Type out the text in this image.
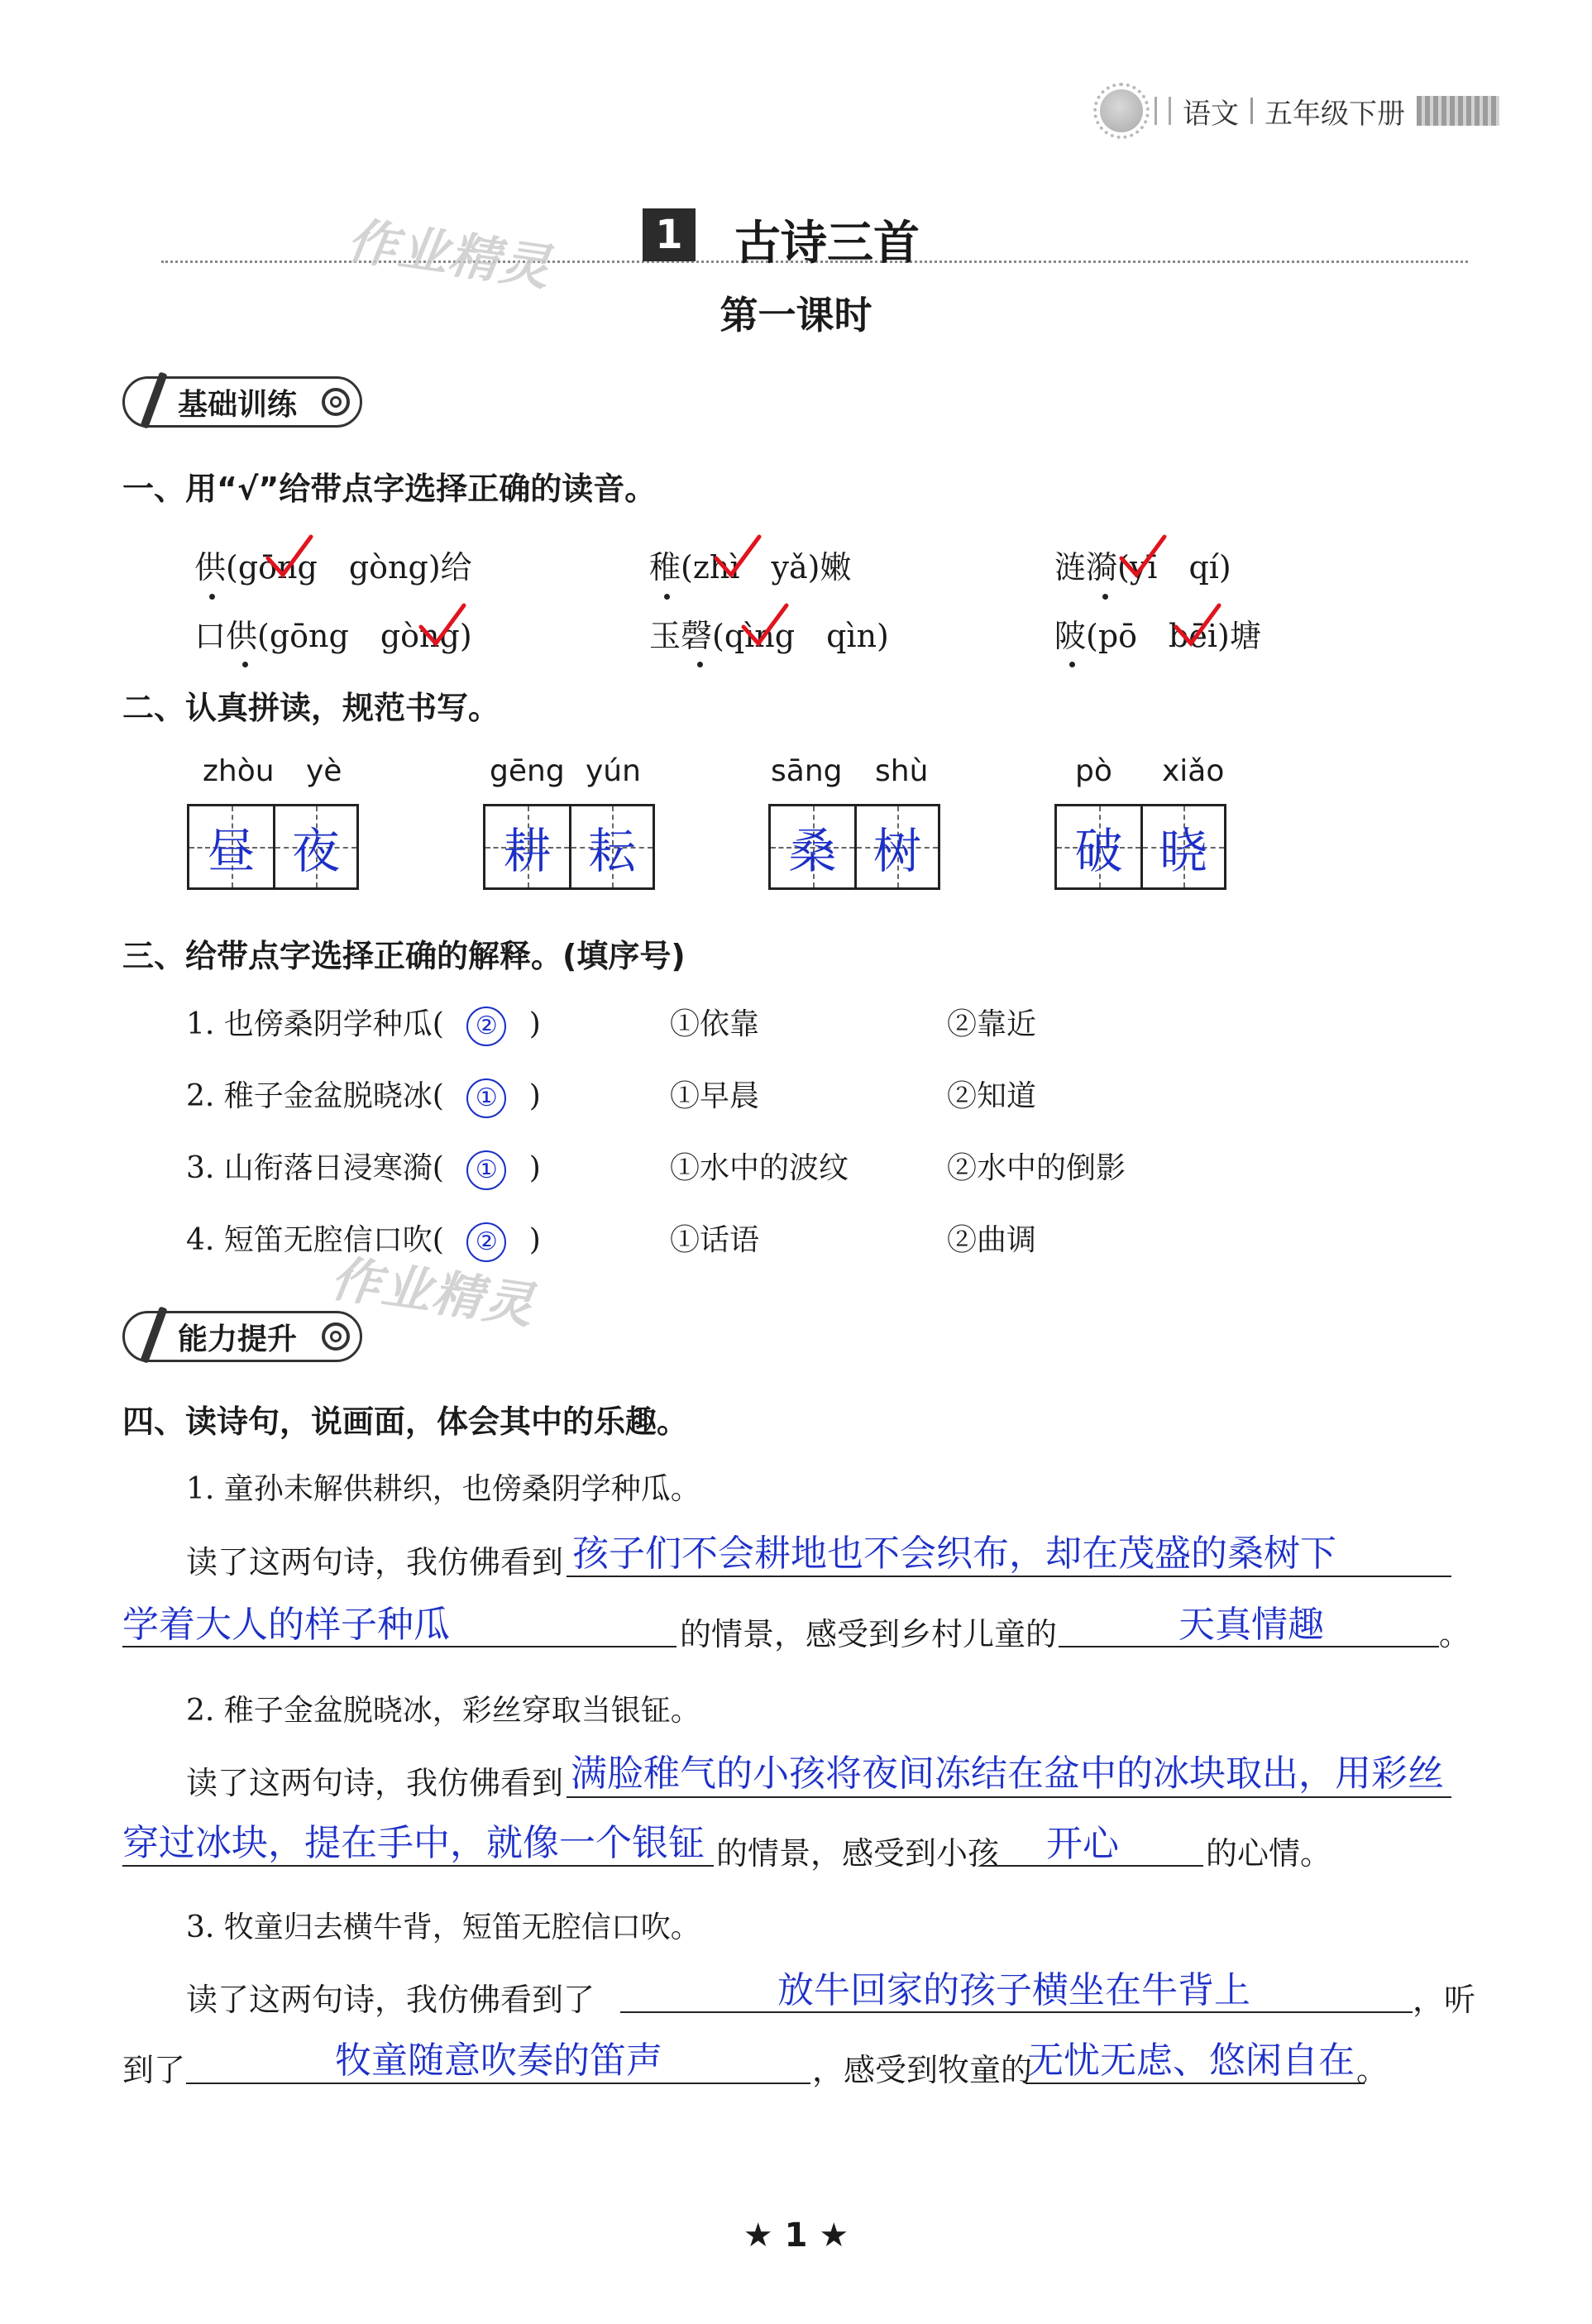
语文 五年级下册
作业精灵	1 古诗三首
第一课时
基础训练
一、用“√”给带点字选择正确的读音。
供(gōng　gòng)给	稚(zhì　yǎ)嫩	涟漪(yī　qí)
口供(gōng　gòng)	玉磬(qìng　qìn)	陂(pō　bēi)塘
二、认真拼读，规范书写。
zhòu yè
昼 夜
gēng yún
耕 耘
sāng shù
桑 树
pò xiǎo
破 晓
三、给带点字选择正确的解释。(填序号)
1. 也傍桑阴学种瓜( ② )	①依靠	②靠近
2. 稚子金盆脱晓冰( ① )	①早晨	②知道
3. 山衔落日浸寒漪( ① )	①水中的波纹	②水中的倒影
4. 短笛无腔信口吹( ② )	①话语	②曲调
作业精灵
能力提升
四、读诗句，说画面，体会其中的乐趣。
1. 童孙未解供耕织，也傍桑阴学种瓜。
读了这两句诗，我仿佛看到 孩子们不会耕地也不会织布，却在茂盛的桑树下
学着大人的样子种瓜	的情景，感受到乡村儿童的	天真情趣	。
2. 稚子金盆脱晓冰，彩丝穿取当银钲。
读了这两句诗，我仿佛看到 满脸稚气的小孩将夜间冻结在盆中的冰块取出，用彩丝
穿过冰块，提在手中，就像一个银钲 的情景，感受到小孩 开心	的心情。
3. 牧童归去横牛背，短笛无腔信口吹。
读了这两句诗，我仿佛看到了	放牛回家的孩子横坐在牛背上	，听
到了	牧童随意吹奏的笛声	，感受到牧童的
无忧无虑、悠闲自在 。
★ 1 ★
